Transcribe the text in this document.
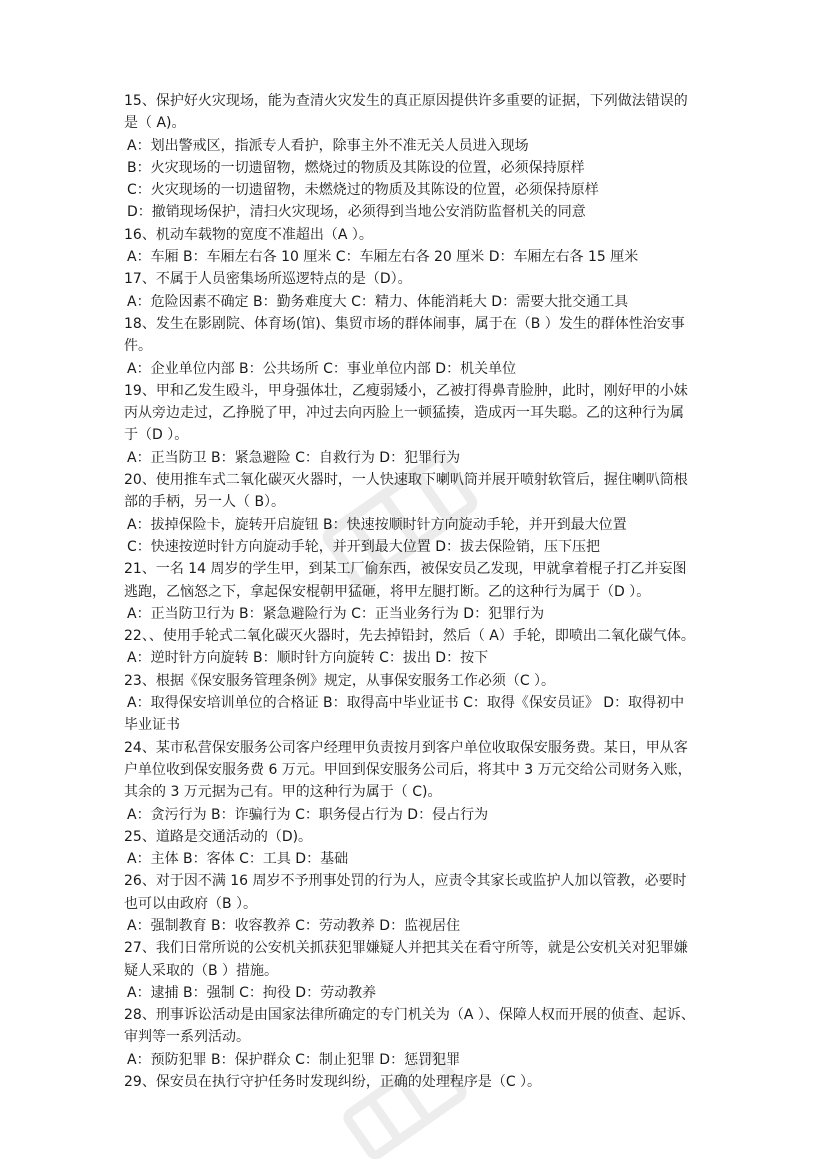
15、保护好火灾现场，能为查清火灾发生的真正原因提供许多重要的证据，下列做法错误的
是（ A)。
A：划出警戒区，指派专人看护，除事主外不准无关人员进入现场
B：火灾现场的一切遗留物，燃烧过的物质及其陈设的位置，必须保持原样
C：火灾现场的一切遗留物，未燃烧过的物质及其陈设的位置，必须保持原样
D：撤销现场保护，清扫火灾现场，必须得到当地公安消防监督机关的同意
16、机动车载物的宽度不准超出（A ）。
A：车厢 B：车厢左右各 10 厘米 C：车厢左右各 20 厘米 D：车厢左右各 15 厘米
17、不属于人员密集场所巡逻特点的是（D）。
A：危险因素不确定 B：勤务难度大 C：精力、体能消耗大 D：需要大批交通工具
18、发生在影剧院、体育场(馆)、集贸市场的群体闹事，属于在（B ）发生的群体性治安事
件。
A：企业单位内部 B：公共场所 C：事业单位内部 D：机关单位
19、甲和乙发生殴斗，甲身强体壮，乙瘦弱矮小，乙被打得鼻青脸肿，此时，刚好甲的小妹
丙从旁边走过，乙挣脱了甲，冲过去向丙脸上一顿猛揍，造成丙一耳失聪。乙的这种行为属
于（D ）。
A：正当防卫 B：紧急避险 C：自救行为 D：犯罪行为
20、使用推车式二氧化碳灭火器时，一人快速取下喇叭筒并展开喷射软管后，握住喇叭筒根
部的手柄，另一人（ B）。
A：拔掉保险卡，旋转开启旋钮 B：快速按顺时针方向旋动手轮，并开到最大位置
C：快速按逆时针方向旋动手轮，并开到最大位置 D：拔去保险销，压下压把
21、一名 14 周岁的学生甲，到某工厂偷东西，被保安员乙发现，甲就拿着棍子打乙并妄图
逃跑，乙恼怒之下，拿起保安棍朝甲猛砸，将甲左腿打断。乙的这种行为属于（D ）。
A：正当防卫行为 B：紧急避险行为 C：正当业务行为 D：犯罪行为
22、、使用手轮式二氧化碳灭火器时，先去掉铅封，然后（ A）手轮，即喷出二氧化碳气体。
A：逆时针方向旋转 B：顺时针方向旋转 C：拔出 D：按下
23、根据《保安服务管理条例》规定，从事保安服务工作必须（C ）。
A：取得保安培训单位的合格证 B：取得高中毕业证书 C：取得《保安员证》 D：取得初中
毕业证书
24、某市私营保安服务公司客户经理甲负责按月到客户单位收取保安服务费。某日，甲从客
户单位收到保安服务费 6 万元。甲回到保安服务公司后，将其中 3 万元交给公司财务入账，
其余的 3 万元据为己有。甲的这种行为属于（ C)。
A：贪污行为 B：诈骗行为 C：职务侵占行为 D：侵占行为
25、道路是交通活动的（D)。
A：主体 B：客体 C：工具 D：基础
26、对于因不满 16 周岁不予刑事处罚的行为人，应责令其家长或监护人加以管教，必要时
也可以由政府（B ）。
A：强制教育 B：收容教养 C：劳动教养 D：监视居住
27、我们日常所说的公安机关抓获犯罪嫌疑人并把其关在看守所等，就是公安机关对犯罪嫌
疑人采取的（B ）措施。
A：逮捕 B：强制 C：拘役 D：劳动教养
28、刑事诉讼活动是由国家法律所确定的专门机关为（A ）、保障人权而开展的侦查、起诉、
审判等一系列活动。
A：预防犯罪 B：保护群众 C：制止犯罪 D：惩罚犯罪
29、保安员在执行守护任务时发现纠纷，正确的处理程序是（C ）。
